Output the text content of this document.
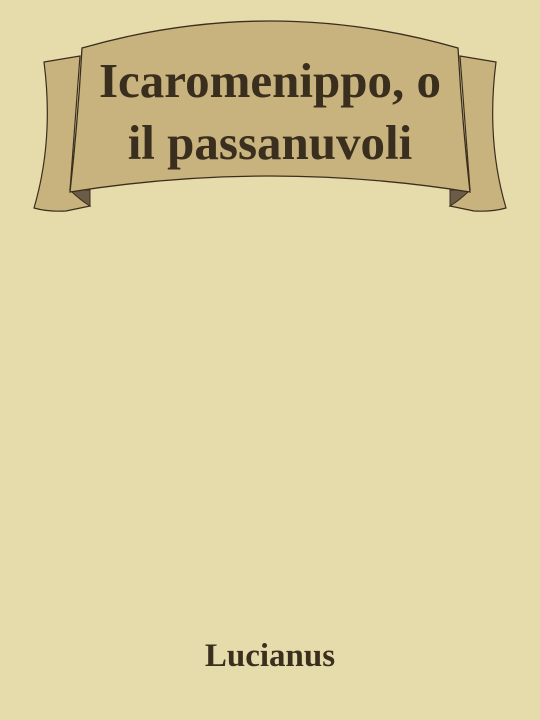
Icaromenippo, o
il passanuvoli
Lucianus
